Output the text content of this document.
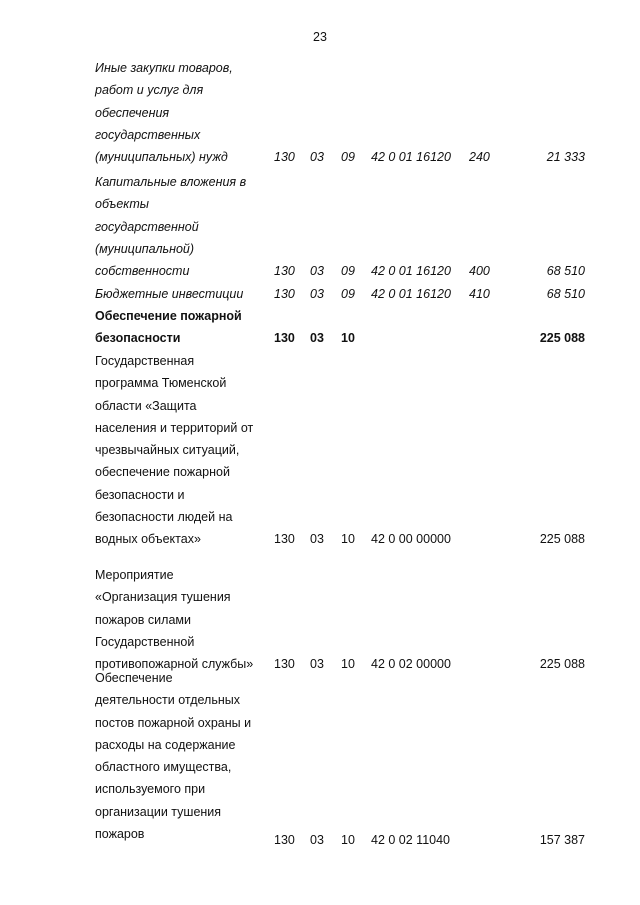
23
Иные закупки товаров,
работ и услуг для
обеспечения
государственных
(муниципальных) нужд	130 03 09 42 0 01 16120 240	21 333
Капитальные вложения в
объекты
государственной
(муниципальной)
собственности	130 03 09 42 0 01 16120 400	68 510
Бюджетные инвестиции	130 03 09 42 0 01 16120 410	68 510
Обеспечение пожарной
безопасности	130 03 10	225 088
Государственная
программа Тюменской
области «Защита
населения и территорий от
чрезвычайных ситуаций,
обеспечение пожарной
безопасности и
безопасности людей на
водных объектах»	130 03 10 42 0 00 00000	225 088
Мероприятие
«Организация тушения
пожаров силами
Государственной
противопожарной службы»	130 03 10 42 0 02 00000	225 088
Обеспечение
деятельности отдельных
постов пожарной охраны и
расходы на содержание
областного имущества,
используемого при
организации тушения
пожаров	130 03 10 42 0 02 11040	157 387
